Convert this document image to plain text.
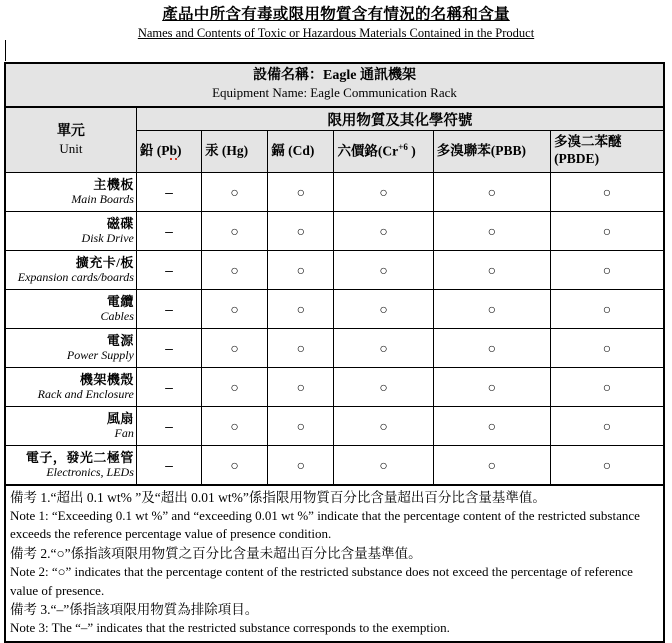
產品中所含有毒或限用物質含有情況的名稱和含量
Names and Contents of Toxic or Hazardous Materials Contained in the Product
設備名稱：Eagle 通訊機架
Equipment Name: Eagle Communication Rack						

單元
Unit	限用物質及其化學符號					
	鉛 (Pb)	汞 (Hg)	鎘 (Cd)	六價鉻($Cr^{+6}$ )	多溴聯苯(PBB)	多溴二苯醚
(PBDE)

主機板
Main Boards	–	○	○	○	○	○

磁碟
Disk Drive	–	○	○	○	○	○

擴充卡/板
Expansion cards/boards	–	○	○	○	○	○

電纜
Cables	–	○	○	○	○	○

電源
Power Supply	–	○	○	○	○	○

機架機殼
Rack and Enclosure	–	○	○	○	○	○

風扇
Fan	–	○	○	○	○	○

電子，發光二極管
Electronics, LEDs	–	○	○	○	○	○

備考 1.“超出 0.1 wt% ”及“超出 0.01 wt%”係指限用物質百分比含量超出百分比含量基準值。
Note 1: “Exceeding 0.1 wt %” and “exceeding 0.01 wt %” indicate that the percentage content of the restricted substance exceeds the reference percentage value of presence condition.
備考 2.“○”係指該項限用物質之百分比含量未超出百分比含量基準值。
Note 2: “○” indicates that the percentage content of the restricted substance does not exceed the percentage of reference value of presence.
備考 3.“–”係指該項限用物質為排除項目。
Note 3: The “–” indicates that the restricted substance corresponds to the exemption.
